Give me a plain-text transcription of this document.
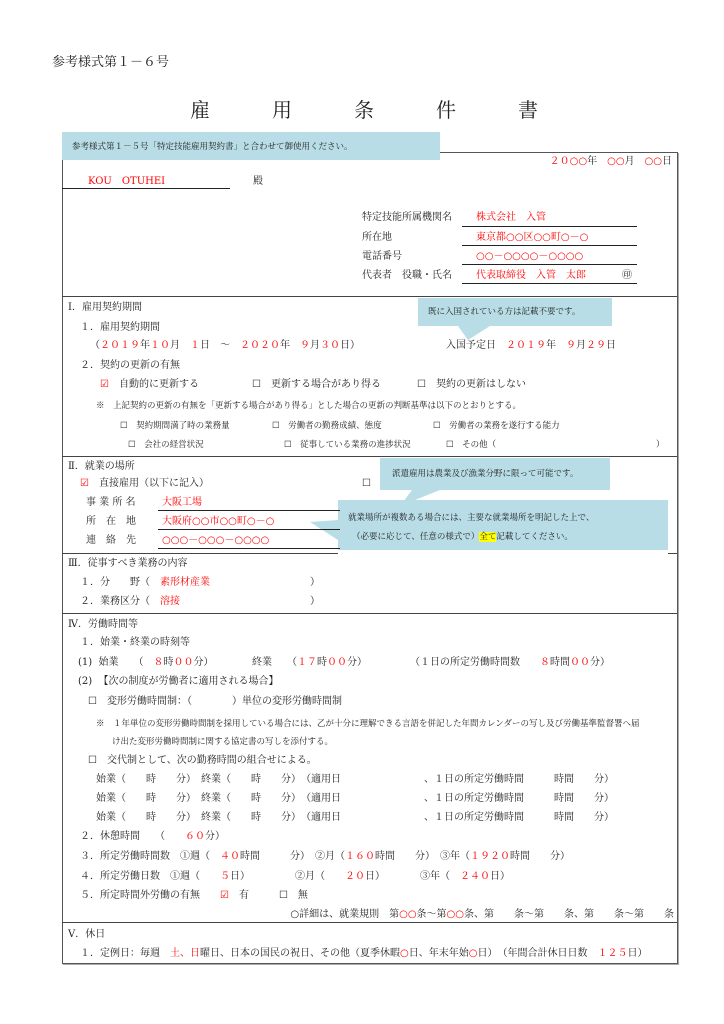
参考様式第１－６号
雇　用　条　件　書
参考様式第１－５号「特定技能雇用契約書」と合わせて御使用ください。
２０○○年　○○月　○○日
KOU　OTUHEI	殿
特定技能所属機関名 株式会社　入管
所在地	東京都○○区○○町○－○
電話番号	○○－○○○○－○○○○
代表者　役職・氏名 代表取締役　入管　太郎	㊞
Ⅰ．雇用契約期間	既に入国されている方は記載不要です。
１．雇用契約期間
（２０１９年１０月　１日　～　２０２０年　９月３０日）	入国予定日　２０１９年　９月２９日
２．契約の更新の有無
☑　自動的に更新する	☐　更新する場合があり得る	☐　契約の更新はしない
※　上記契約の更新の有無を「更新する場合があり得る」とした場合の更新の判断基準は以下のとおりとする。
☐　契約期間満了時の業務量	☐　労働者の勤務成績、態度	☐　労働者の業務を遂行する能力
☐　会社の経営状況	☐　従事している業務の進捗状況	☐　その他（	）
Ⅱ．就業の場所
派遣雇用は農業及び漁業分野に限って可能です。
☑　直接雇用（以下に記入）	☐
事 業 所 名	大阪工場
所　在　地	大阪府○○市○○町○－○
連　絡　先	○○○－○○○－○○○○
就業場所が複数ある場合には、主要な就業場所を明記した上で、
（必要に応じて、任意の様式で）全て記載してください。
Ⅲ．従事すべき業務の内容
１．分　　野（　素形材産業	）
２．業務区分（　溶接	）
Ⅳ．労働時間等
１．始業・終業の時刻等
(1)  始業　　（　８時００分）	終業　　（１７時００分）	（１日の所定労働時間数　　８時間００分）
(2)  【次の制度が労働者に適用される場合】
☐　変形労働時間制：（　　　　）単位の変形労働時間制
※　１年単位の変形労働時間制を採用している場合には、乙が十分に理解できる言語を併記した年間カレンダーの写し及び労働基準監督署へ届
け出た変形労働時間制に関する協定書の写しを添付する。
☐　交代制として、次の勤務時間の組合せによる。
始業（　　時　　分）　終業（　　時　　分）　（適用日	、１日の所定労働時間　　　時間　　分）
始業（　　時　　分）　終業（　　時　　分）　（適用日	、１日の所定労働時間　　　時間　　分）
始業（　　時　　分）　終業（　　時　　分）　（適用日	、１日の所定労働時間　　　時間　　分）
２．休憩時間　　（　　６０分）
３．所定労働時間数　①週（　４０時間　　　分）　②月（１６０時間　　分）　③年（１９２０時間　　分）
４．所定労働日数　①週（　　５日）　　　　　②月（　　２０日）　　　　③年（　２４０日）
５．所定時間外労働の有無　　☑　有　　　☐　無
○詳細は、就業規則　第○○条～第○○条、第　　条～第　　条、第　　条～第　　条
Ⅴ．休日
１．定例日：毎週　土、日曜日、日本の国民の祝日、その他（夏季休暇○日、年末年始○日）　（年間合計休日日数　１２５日）
